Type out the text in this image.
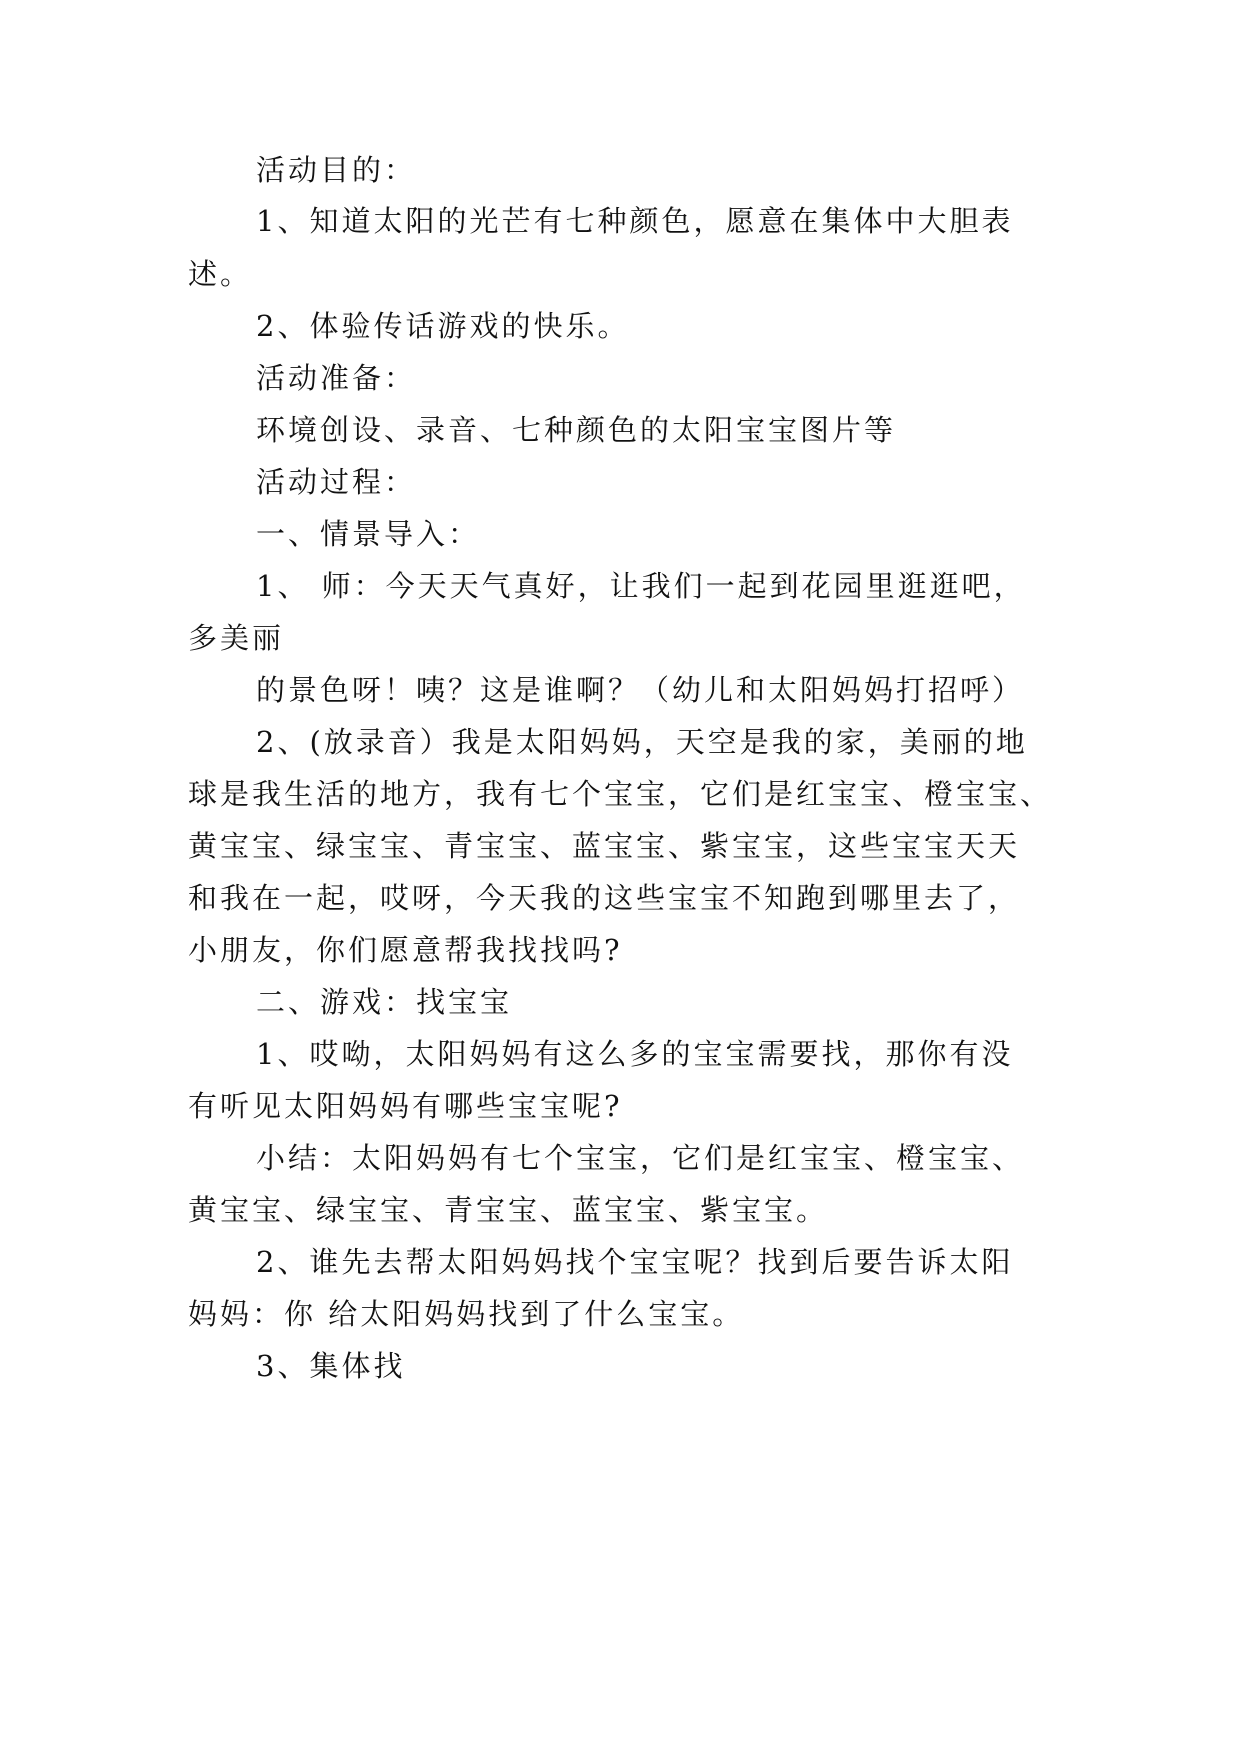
活动目的：

1、知道太阳的光芒有七种颜色，愿意在集体中大胆表

述。

2、体验传话游戏的快乐。

活动准备：

环境创设、录音、七种颜色的太阳宝宝图片等

活动过程：

一、情景导入：

1、 师：今天天气真好，让我们一起到花园里逛逛吧，

多美丽

的景色呀！咦？这是谁啊？（幼儿和太阳妈妈打招呼）

2、(放录音）我是太阳妈妈，天空是我的家，美丽的地

球是我生活的地方，我有七个宝宝，它们是红宝宝、橙宝宝、

黄宝宝、绿宝宝、青宝宝、蓝宝宝、紫宝宝，这些宝宝天天

和我在一起，哎呀，今天我的这些宝宝不知跑到哪里去了，

小朋友，你们愿意帮我找找吗?

二、游戏：找宝宝

1、哎呦，太阳妈妈有这么多的宝宝需要找，那你有没

有听见太阳妈妈有哪些宝宝呢?

小结：太阳妈妈有七个宝宝，它们是红宝宝、橙宝宝、

黄宝宝、绿宝宝、青宝宝、蓝宝宝、紫宝宝。

2、谁先去帮太阳妈妈找个宝宝呢？找到后要告诉太阳

妈妈：你 给太阳妈妈找到了什么宝宝。

3、集体找
